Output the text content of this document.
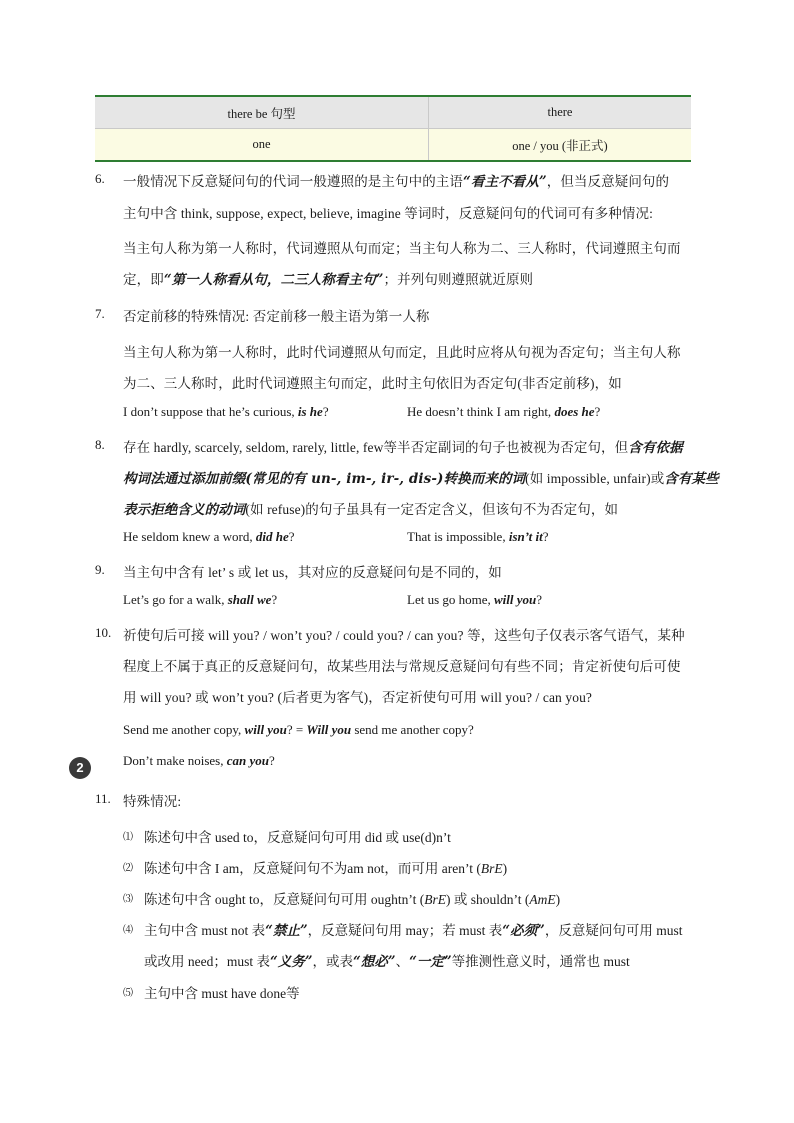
there be 句型	there
one	one / you (非正式)
6. 一般情况下反意疑问句的代词一般遵照的是主句中的主语“看主不看从”，但当反意疑问句的
主句中含 think, suppose, expect, believe, imagine 等词时，反意疑问句的代词可有多种情况:
当主句人称为第一人称时，代词遵照从句而定；当主句人称为二、三人称时，代词遵照主句而
定，即“第一人称看从句，二三人称看主句”；并列句则遵照就近原则
7. 否定前移的特殊情况: 否定前移一般主语为第一人称
当主句人称为第一人称时，此时代词遵照从句而定，且此时应将从句视为否定句；当主句人称
为二、三人称时，此时代词遵照主句而定，此时主句依旧为否定句(非否定前移)，如
I don’t suppose that he’s curious, is he?	He doesn’t think I am right, does he?
8. 存在 hardly, scarcely, seldom, rarely, little, few等半否定副词的句子也被视为否定句，但含有依据
构词法通过添加前缀(常见的有 un-, im-, ir-, dis-)转换而来的词(如 impossible, unfair)或含有某些
表示拒绝含义的动词(如 refuse)的句子虽具有一定否定含义，但该句不为否定句，如
He seldom knew a word, did he?	That is impossible, isn’t it?
9. 当主句中含有 let’ s 或 let us，其对应的反意疑问句是不同的，如
Let’s go for a walk, shall we?	Let us go home, will you?
10. 祈使句后可接 will you? / won’t you? / could you? / can you? 等，这些句子仅表示客气语气，某种
程度上不属于真正的反意疑问句，故某些用法与常规反意疑问句有些不同；肯定祈使句后可使
用 will you? 或 won’t you? (后者更为客气)，否定祈使句可用 will you? / can you?
Send me another copy, will you? = Will you send me another copy?
Don’t make noises, can you?
2
11. 特殊情况:
⑴ 陈述句中含 used to，反意疑问句可用 did 或 use(d)n’t
⑵ 陈述句中含 I am，反意疑问句不为am not，而可用 aren’t (BrE)
⑶ 陈述句中含 ought to，反意疑问句可用 oughtn’t (BrE) 或 shouldn’t (AmE)
⑷ 主句中含 must not 表“禁止”，反意疑问句用 may；若 must 表“必须”，反意疑问句可用 must
或改用 need；must 表“义务”，或表“想必”、“一定”等推测性意义时，通常也 must
⑸ 主句中含 must have done等
